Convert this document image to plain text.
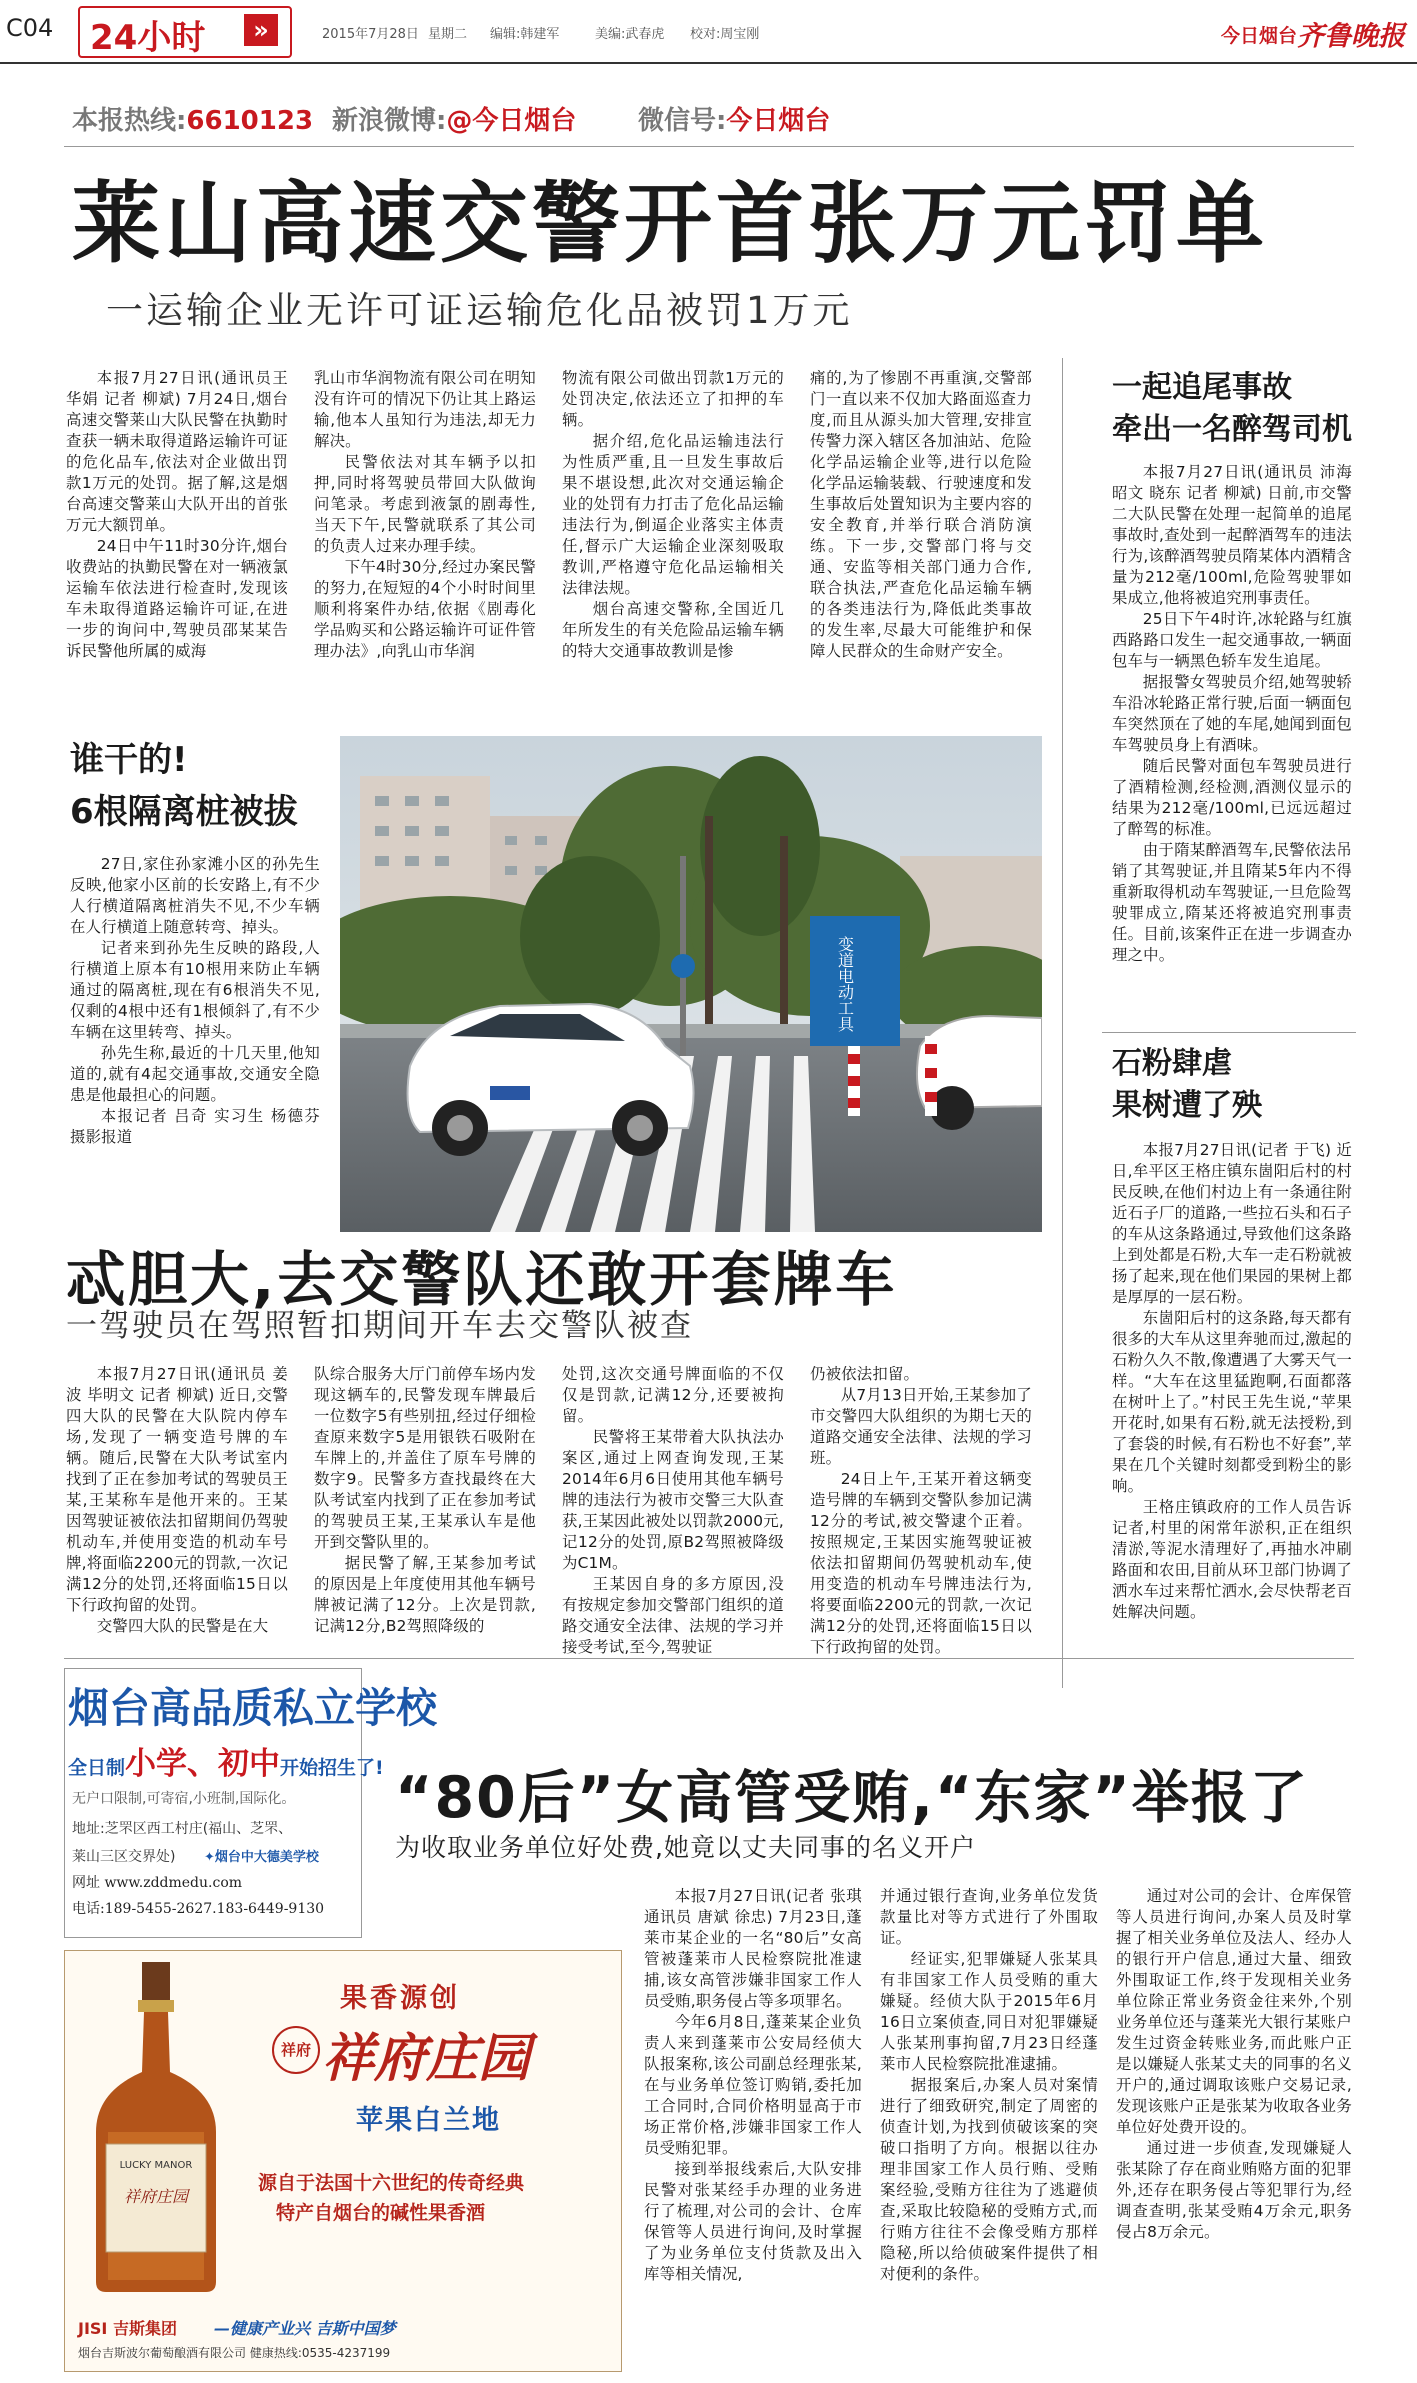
C04 24小时	»	2015年7月28日 星期二 编辑:韩建军	美编:武春虎 校对:周宝刚	今日烟台 齐鲁晚报
本报热线:6610123 新浪微博:@今日烟台 微信号:今日烟台
莱山高速交警开首张万元罚单
一运输企业无许可证运输危化品被罚1万元

本报7月27日讯(通讯员王华娟 记者 柳斌) 7月24日,烟台高速交警莱山大队民警在执勤时查获一辆未取得道路运输许可证的危化品车,依法对企业做出罚款1万元的处罚。据了解,这是烟台高速交警莱山大队开出的首张万元大额罚单。

24日中午11时30分许,烟台收费站的执勤民警在对一辆液氯运输车依法进行检查时,发现该车未取得道路运输许可证,在进一步的询问中,驾驶员邵某某告诉民警他所属的威海

乳山市华润物流有限公司在明知没有许可的情况下仍让其上路运输,他本人虽知行为违法,却无力解决。

民警依法对其车辆予以扣押,同时将驾驶员带回大队做询问笔录。考虑到液氯的剧毒性,当天下午,民警就联系了其公司的负责人过来办理手续。

下午4时30分,经过办案民警的努力,在短短的4个小时时间里顺利将案件办结,依据《剧毒化学品购买和公路运输许可证件管理办法》,向乳山市华润

物流有限公司做出罚款1万元的处罚决定,依法还立了扣押的车辆。

据介绍,危化品运输违法行为性质严重,且一旦发生事故后果不堪设想,此次对交通运输企业的处罚有力打击了危化品运输违法行为,倒逼企业落实主体责任,督示广大运输企业深刻吸取教训,严格遵守危化品运输相关法律法规。

烟台高速交警称,全国近几年所发生的有关危险品运输车辆的特大交通事故教训是惨

痛的,为了惨剧不再重演,交警部门一直以来不仅加大路面巡查力度,而且从源头加大管理,安排宣传警力深入辖区各加油站、危险化学品运输企业等,进行以危险化学品运输装载、行驶速度和发生事故后处置知识为主要内容的安全教育,并举行联合消防演练。下一步,交警部门将与交通、安监等相关部门通力合作,联合执法,严查危化品运输车辆的各类违法行为,降低此类事故的发生率,尽最大可能维护和保障人民群众的生命财产安全。

一起追尾事故
牵出一名醉驾司机

本报7月27日讯(通讯员 沛海 昭文 晓东 记者 柳斌) 日前,市交警二大队民警在处理一起简单的追尾事故时,查处到一起醉酒驾车的违法行为,该醉酒驾驶员隋某体内酒精含量为212毫/100ml,危险驾驶罪如果成立,他将被追究刑事责任。

25日下午4时许,冰轮路与红旗西路路口发生一起交通事故,一辆面包车与一辆黑色轿车发生追尾。

据报警女驾驶员介绍,她驾驶轿车沿冰轮路正常行驶,后面一辆面包车突然顶在了她的车尾,她闻到面包车驾驶员身上有酒味。

随后民警对面包车驾驶员进行了酒精检测,经检测,酒测仪显示的结果为212毫/100ml,已远远超过了醉驾的标准。

由于隋某醉酒驾车,民警依法吊销了其驾驶证,并且隋某5年内不得重新取得机动车驾驶证,一旦危险驾驶罪成立,隋某还将被追究刑事责任。目前,该案件正在进一步调查办理之中。

谁干的!
6根隔离桩被拔

27日,家住孙家滩小区的孙先生反映,他家小区前的长安路上,有不少人行横道隔离桩消失不见,不少车辆在人行横道上随意转弯、掉头。

记者来到孙先生反映的路段,人行横道上原本有10根用来防止车辆通过的隔离桩,现在有6根消失不见,仅剩的4根中还有1根倾斜了,有不少车辆在这里转弯、掉头。

孙先生称,最近的十几天里,他知道的,就有4起交通事故,交通安全隐患是他最担心的问题。

本报记者 吕奇 实习生 杨德芬 摄影报道

变道电动工具
石粉肆虐
果树遭了殃

本报7月27日讯(记者 于飞) 近日,牟平区王格庄镇东崮阳后村的村民反映,在他们村边上有一条通往附近石子厂的道路,一些拉石头和石子的车从这条路通过,导致他们这条路上到处都是石粉,大车一走石粉就被扬了起来,现在他们果园的果树上都是厚厚的一层石粉。

东崮阳后村的这条路,每天都有很多的大车从这里奔驰而过,激起的石粉久久不散,像遭遇了大雾天气一样。“大车在这里猛跑啊,石面都落在树叶上了。”村民王先生说,“苹果开花时,如果有石粉,就无法授粉,到了套袋的时候,有石粉也不好套”,苹果在几个关键时刻都受到粉尘的影响。

王格庄镇政府的工作人员告诉记者,村里的闲常年淤积,正在组织清淤,等泥水清理好了,再抽水冲刷路面和农田,目前从环卫部门协调了洒水车过来帮忙洒水,会尽快帮老百姓解决问题。

忒胆大,去交警队还敢开套牌车
一驾驶员在驾照暂扣期间开车去交警队被查

本报7月27日讯(通讯员 姜波 毕明文 记者 柳斌) 近日,交警四大队的民警在大队院内停车场,发现了一辆变造号牌的车辆。随后,民警在大队考试室内找到了正在参加考试的驾驶员王某,王某称车是他开来的。王某因驾驶证被依法扣留期间仍驾驶机动车,并使用变造的机动车号牌,将面临2200元的罚款,一次记满12分的处罚,还将面临15日以下行政拘留的处罚。

交警四大队的民警是在大

队综合服务大厅门前停车场内发现这辆车的,民警发现车牌最后一位数字5有些别扭,经过仔细检查原来数字5是用银铁石吸附在车牌上的,并盖住了原车号牌的数字9。民警多方查找最终在大队考试室内找到了正在参加考试的驾驶员王某,王某承认车是他开到交警队里的。

据民警了解,王某参加考试的原因是上年度使用其他车辆号牌被记满了12分。上次是罚款,记满12分,B2驾照降级的

处罚,这次交通号牌面临的不仅仅是罚款,记满12分,还要被拘留。

民警将王某带着大队执法办案区,通过上网查询发现,王某2014年6月6日使用其他车辆号牌的违法行为被市交警三大队查获,王某因此被处以罚款2000元,记12分的处罚,原B2驾照被降级为C1M。

王某因自身的多方原因,没有按规定参加交警部门组织的道路交通安全法律、法规的学习并接受考试,至今,驾驶证

仍被依法扣留。

从7月13日开始,王某参加了市交警四大队组织的为期七天的道路交通安全法律、法规的学习班。

24日上午,王某开着这辆变造号牌的车辆到交警队参加记满12分的考试,被交警逮个正着。按照规定,王某因实施驾驶证被依法扣留期间仍驾驶机动车,使用变造的机动车号牌违法行为,将要面临2200元的罚款,一次记满12分的处罚,还将面临15日以下行政拘留的处罚。

烟台高品质私立学校
全日制小学、初中开始招生了!
无户口限制,可寄宿,小班制,国际化。
地址:芝罘区西工村庄(福山、芝罘、
莱山三区交界处) ✦烟台中大德美学校
网址 www.zddmedu.com
电话:189-5455-2627.183-6449-9130
LUCKY MANOR
祥府庄园
果香源创
祥府 祥府庄园
苹果白兰地
源自于法国十六世纪的传奇经典
特产自烟台的碱性果香酒
JISI 吉斯集团 —健康产业兴 吉斯中国梦
烟台吉斯波尔葡萄酿酒有限公司 健康热线:0535-4237199
“80后”女高管受贿,“东家”举报了
为收取业务单位好处费,她竟以丈夫同事的名义开户

本报7月27日讯(记者 张琪 通讯员 唐斌 徐忠) 7月23日,蓬莱市某企业的一名“80后”女高管被蓬莱市人民检察院批准逮捕,该女高管涉嫌非国家工作人员受贿,职务侵占等多项罪名。

今年6月8日,蓬莱某企业负责人来到蓬莱市公安局经侦大队报案称,该公司副总经理张某,在与业务单位签订购销,委托加工合同时,合同价格明显高于市场正常价格,涉嫌非国家工作人员受贿犯罪。

接到举报线索后,大队安排民警对张某经手办理的业务进行了梳理,对公司的会计、仓库保管等人员进行询问,及时掌握了为业务单位支付货款及出入库等相关情况,

并通过银行查询,业务单位发货款量比对等方式进行了外围取证。

经证实,犯罪嫌疑人张某具有非国家工作人员受贿的重大嫌疑。经侦大队于2015年6月16日立案侦查,同日对犯罪嫌疑人张某刑事拘留,7月23日经蓬莱市人民检察院批准逮捕。

据报案后,办案人员对案情进行了细致研究,制定了周密的侦查计划,为找到侦破该案的突破口指明了方向。根据以往办理非国家工作人员行贿、受贿案经验,受贿方往往为了逃避侦查,采取比较隐秘的受贿方式,而行贿方往往不会像受贿方那样隐秘,所以给侦破案件提供了相对便利的条件。

通过对公司的会计、仓库保管等人员进行询问,办案人员及时掌握了相关业务单位及法人、经办人的银行开户信息,通过大量、细致外围取证工作,终于发现相关业务单位除正常业务资金往来外,个别业务单位还与蓬莱光大银行某账户发生过资金转账业务,而此账户正是以嫌疑人张某丈夫的同事的名义开户的,通过调取该账户交易记录,发现该账户正是张某为收取各业务单位好处费开设的。

通过进一步侦查,发现嫌疑人张某除了存在商业贿赂方面的犯罪外,还存在职务侵占等犯罪行为,经调查查明,张某受贿4万余元,职务侵占8万余元。
